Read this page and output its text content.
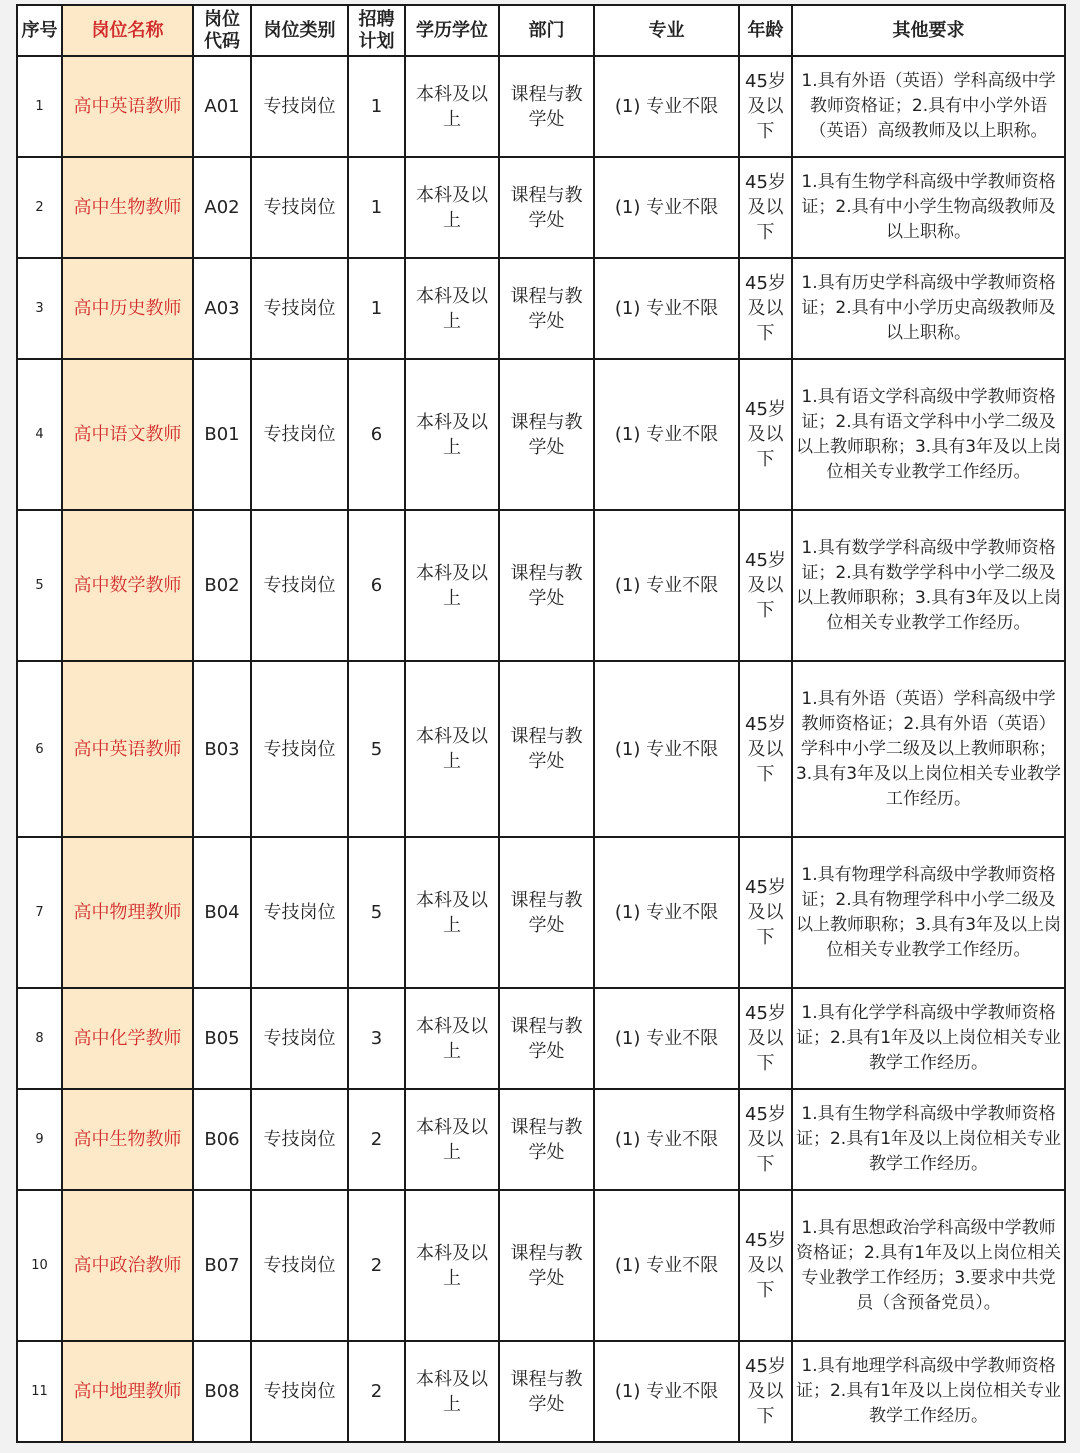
序号	岗位名称	岗位代码	岗位类别	招聘计划	学历学位	部门	专业	年龄	其他要求
1	高中英语教师	A01	专技岗位	1	本科及以上	课程与教学处	(1) 专业不限	45岁及以下	1.具有外语（英语）学科高级中学教师资格证；2.具有中小学外语（英语）高级教师及以上职称。
2	高中生物教师	A02	专技岗位	1	本科及以上	课程与教学处	(1) 专业不限	45岁及以下	1.具有生物学科高级中学教师资格证；2.具有中小学生物高级教师及以上职称。
3	高中历史教师	A03	专技岗位	1	本科及以上	课程与教学处	(1) 专业不限	45岁及以下	1.具有历史学科高级中学教师资格证；2.具有中小学历史高级教师及以上职称。
4	高中语文教师	B01	专技岗位	6	本科及以上	课程与教学处	(1) 专业不限	45岁及以下	1.具有语文学科高级中学教师资格证；2.具有语文学科中小学二级及以上教师职称；3.具有3年及以上岗位相关专业教学工作经历。
5	高中数学教师	B02	专技岗位	6	本科及以上	课程与教学处	(1) 专业不限	45岁及以下	1.具有数学学科高级中学教师资格证；2.具有数学学科中小学二级及以上教师职称；3.具有3年及以上岗位相关专业教学工作经历。
6	高中英语教师	B03	专技岗位	5	本科及以上	课程与教学处	(1) 专业不限	45岁及以下	1.具有外语（英语）学科高级中学教师资格证；2.具有外语（英语）学科中小学二级及以上教师职称；3.具有3年及以上岗位相关专业教学工作经历。
7	高中物理教师	B04	专技岗位	5	本科及以上	课程与教学处	(1) 专业不限	45岁及以下	1.具有物理学科高级中学教师资格证；2.具有物理学科中小学二级及以上教师职称；3.具有3年及以上岗位相关专业教学工作经历。
8	高中化学教师	B05	专技岗位	3	本科及以上	课程与教学处	(1) 专业不限	45岁及以下	1.具有化学学科高级中学教师资格证；2.具有1年及以上岗位相关专业教学工作经历。
9	高中生物教师	B06	专技岗位	2	本科及以上	课程与教学处	(1) 专业不限	45岁及以下	1.具有生物学科高级中学教师资格证；2.具有1年及以上岗位相关专业教学工作经历。
10	高中政治教师	B07	专技岗位	2	本科及以上	课程与教学处	(1) 专业不限	45岁及以下	1.具有思想政治学科高级中学教师资格证；2.具有1年及以上岗位相关专业教学工作经历；3.要求中共党员（含预备党员）。
11	高中地理教师	B08	专技岗位	2	本科及以上	课程与教学处	(1) 专业不限	45岁及以下	1.具有地理学科高级中学教师资格证；2.具有1年及以上岗位相关专业教学工作经历。
